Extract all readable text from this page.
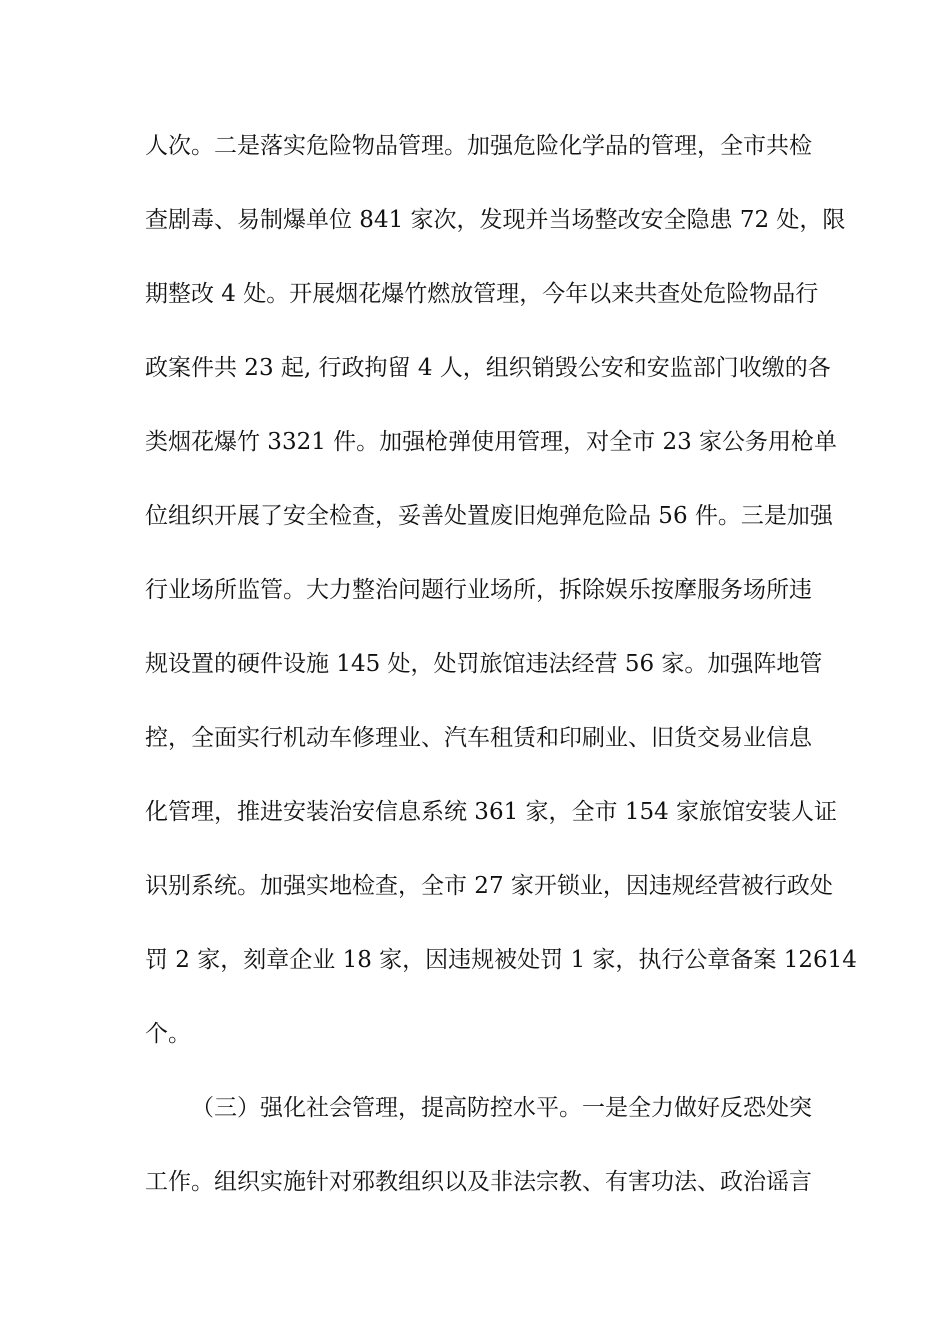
人次。二是落实危险物品管理。加强危险化学品的管理，全市共检
查剧毒、易制爆单位 841 家次，发现并当场整改安全隐患 72 处，限
期整改 4 处。开展烟花爆竹燃放管理，今年以来共查处危险物品行
政案件共 23 起, 行政拘留 4 人，组织销毁公安和安监部门收缴的各
类烟花爆竹 3321 件。加强枪弹使用管理，对全市 23 家公务用枪单
位组织开展了安全检查，妥善处置废旧炮弹危险品 56 件。三是加强
行业场所监管。大力整治问题行业场所，拆除娱乐按摩服务场所违
规设置的硬件设施 145 处，处罚旅馆违法经营 56 家。加强阵地管
控，全面实行机动车修理业、汽车租赁和印刷业、旧货交易业信息
化管理，推进安装治安信息系统 361 家，全市 154 家旅馆安装人证
识别系统。加强实地检查，全市 27 家开锁业，因违规经营被行政处
罚 2 家，刻章企业 18 家，因违规被处罚 1 家，执行公章备案 12614
个。
（三）强化社会管理，提高防控水平。一是全力做好反恐处突
工作。组织实施针对邪教组织以及非法宗教、有害功法、政治谣言
